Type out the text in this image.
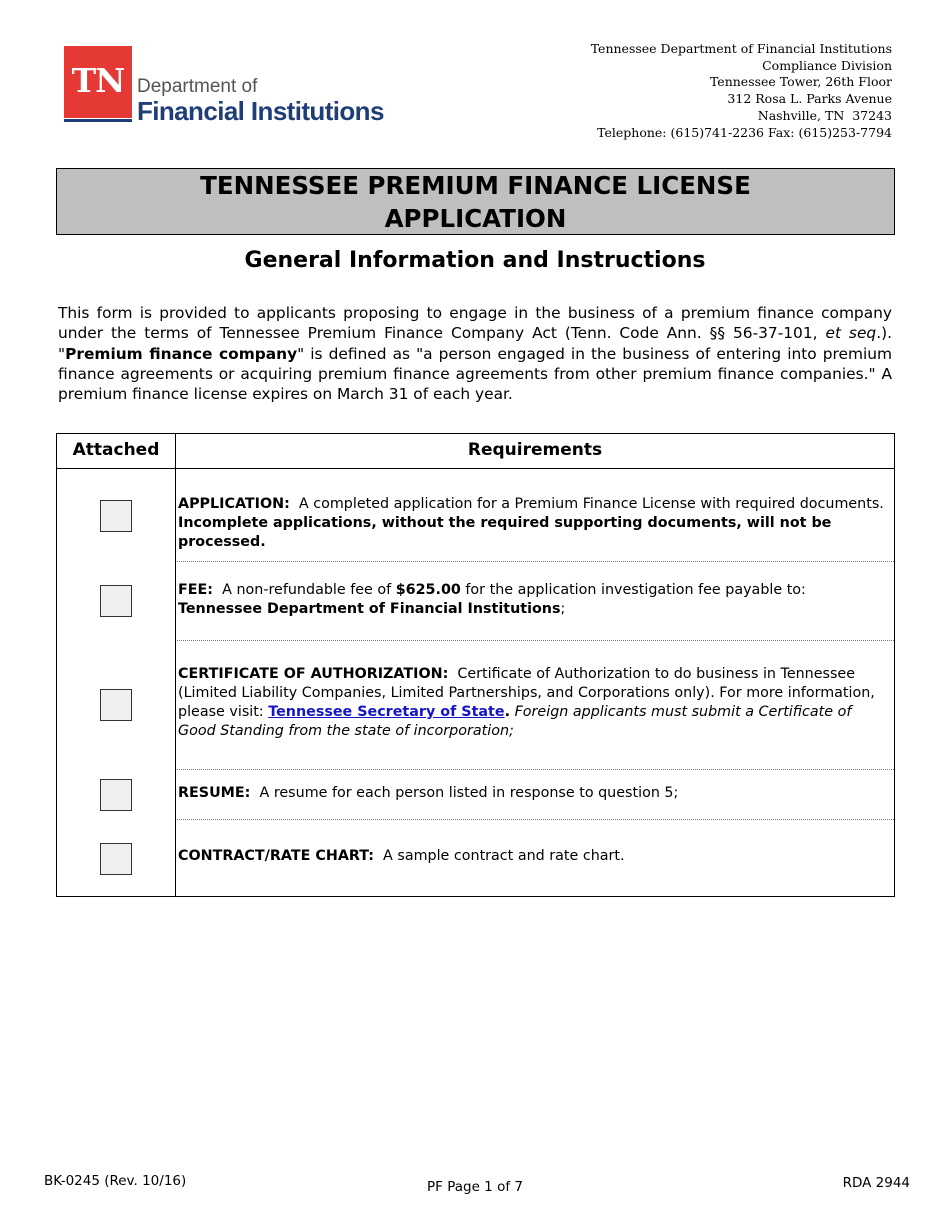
TN Department of
Financial Institutions
Tennessee Department of Financial Institutions
Compliance Division
Tennessee Tower, 26th Floor
312 Rosa L. Parks Avenue
Nashville, TN  37243
Telephone: (615)741-2236 Fax: (615)253-7794
TENNESSEE PREMIUM FINANCE LICENSE
APPLICATION
General Information and Instructions
This form is provided to applicants proposing to engage in the business of a premium finance company under the terms of Tennessee Premium Finance Company Act (Tenn. Code Ann. §§ 56-37-101, et seq.). "Premium finance company" is defined as "a person engaged in the business of entering into premium finance agreements or acquiring premium finance agreements from other premium finance companies." A premium finance license expires on March 31 of each year.
Attached	Requirements
APPLICATION: A completed application for a Premium Finance License with required documents.
Incomplete applications, without the required supporting documents, will not be processed.
FEE: A non-refundable fee of $625.00 for the application investigation fee payable to: Tennessee Department of Financial Institutions;
CERTIFICATE OF AUTHORIZATION: Certificate of Authorization to do business in Tennessee (Limited Liability Companies, Limited Partnerships, and Corporations only). For more information, please visit: Tennessee Secretary of State. Foreign applicants must submit a Certificate of Good Standing from the state of incorporation;
RESUME: A resume for each person listed in response to question 5;
CONTRACT/RATE CHART: A sample contract and rate chart.
BK-0245 (Rev. 10/16)	PF Page 1 of 7	RDA 2944
